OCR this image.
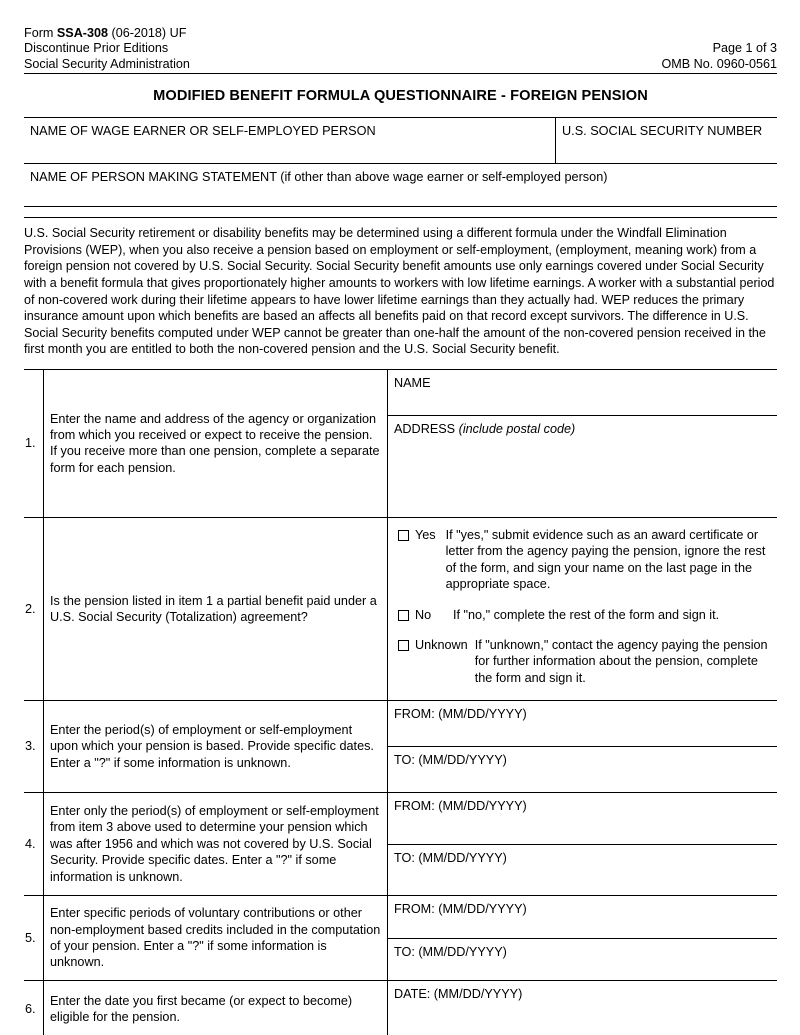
Form SSA-308 (06-2018) UF
Discontinue Prior Editions
Social Security Administration
Page 1 of 3
OMB No. 0960-0561
MODIFIED BENEFIT FORMULA QUESTIONNAIRE - FOREIGN PENSION
NAME OF WAGE EARNER OR SELF-EMPLOYED PERSON	U.S. SOCIAL SECURITY NUMBER
NAME OF PERSON MAKING STATEMENT (if other than above wage earner or self-employed person)
U.S. Social Security retirement or disability benefits may be determined using a different formula under the Windfall Elimination Provisions (WEP), when you also receive a pension based on employment or self-employment, (employment, meaning work) from a foreign pension not covered by U.S. Social Security. Social Security benefit amounts use only earnings covered under Social Security with a benefit formula that gives proportionately higher amounts to workers with low lifetime earnings. A worker with a substantial period of non-covered work during their lifetime appears to have lower lifetime earnings than they actually had. WEP reduces the primary insurance amount upon which benefits are based an affects all benefits paid on that record except survivors. The difference in U.S. Social Security benefits computed under WEP cannot be greater than one-half the amount of the non-covered pension received in the first month you are entitled to both the non-covered pension and the U.S. Social Security benefit.
1.
Enter the name and address of the agency or organization from which you received or expect to receive the pension. If you receive more than one pension, complete a separate form for each pension.
NAME
ADDRESS (include postal code)
2.
Is the pension listed in item 1 a partial benefit paid under a U.S. Social Security (Totalization) agreement?
Yes If "yes," submit evidence such as an award certificate or letter from the agency paying the pension, ignore the rest of the form, and sign your name on the last page in the appropriate space.
No	If "no," complete the rest of the form and sign it.
Unknown If "unknown," contact the agency paying the pension for further information about the pension, complete the form and sign it.
3.
Enter the period(s) of employment or self-employment upon which your pension is based. Provide specific dates. Enter a "?" if some information is unknown.
FROM: (MM/DD/YYYY)
TO: (MM/DD/YYYY)
4.
Enter only the period(s) of employment or self-employment from item 3 above used to determine your pension which was after 1956 and which was not covered by U.S. Social Security. Provide specific dates. Enter a "?" if some information is unknown.
FROM: (MM/DD/YYYY)
TO: (MM/DD/YYYY)
5.
Enter specific periods of voluntary contributions or other non-employment based credits included in the computation of your pension. Enter a "?" if some information is unknown.
FROM: (MM/DD/YYYY)
TO: (MM/DD/YYYY)
6.
Enter the date you first became (or expect to become) eligible for the pension.
DATE: (MM/DD/YYYY)
